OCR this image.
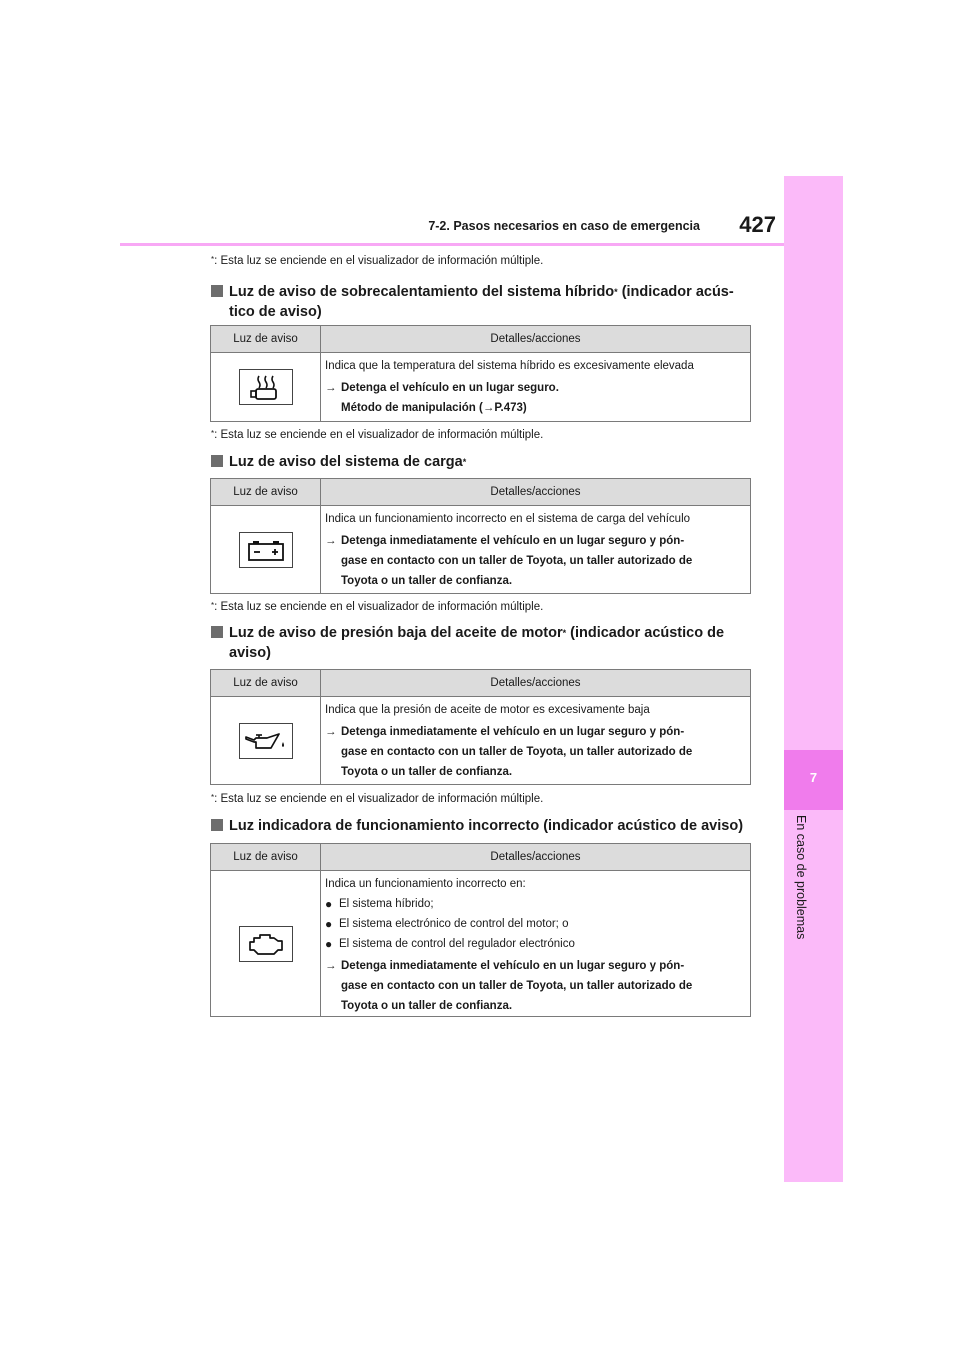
7-2. Pasos necesarios en caso de emergencia	427
7
En caso de problemas
*: Esta luz se enciende en el visualizador de información múltiple.
Luz de aviso de sobrecalentamiento del sistema híbrido* (indicador acús-
tico de aviso)
Luz de aviso	Detalles/acciones
Indica que la temperatura del sistema híbrido es excesivamente elevada
→ Detenga el vehículo en un lugar seguro.
Método de manipulación (→P.473)
*: Esta luz se enciende en el visualizador de información múltiple.
Luz de aviso del sistema de carga*
Luz de aviso	Detalles/acciones
Indica un funcionamiento incorrecto en el sistema de carga del vehículo
→ Detenga inmediatamente el vehículo en un lugar seguro y pón-
gase en contacto con un taller de Toyota, un taller autorizado de
Toyota o un taller de confianza.
*: Esta luz se enciende en el visualizador de información múltiple.
Luz de aviso de presión baja del aceite de motor* (indicador acústico de
aviso)
Luz de aviso	Detalles/acciones
Indica que la presión de aceite de motor es excesivamente baja
→ Detenga inmediatamente el vehículo en un lugar seguro y pón-
gase en contacto con un taller de Toyota, un taller autorizado de
Toyota o un taller de confianza.
*: Esta luz se enciende en el visualizador de información múltiple.
Luz indicadora de funcionamiento incorrecto (indicador acústico de aviso)
Luz de aviso	Detalles/acciones
Indica un funcionamiento incorrecto en:
● El sistema híbrido;
● El sistema electrónico de control del motor; o
● El sistema de control del regulador electrónico
→ Detenga inmediatamente el vehículo en un lugar seguro y pón-
gase en contacto con un taller de Toyota, un taller autorizado de
Toyota o un taller de confianza.
